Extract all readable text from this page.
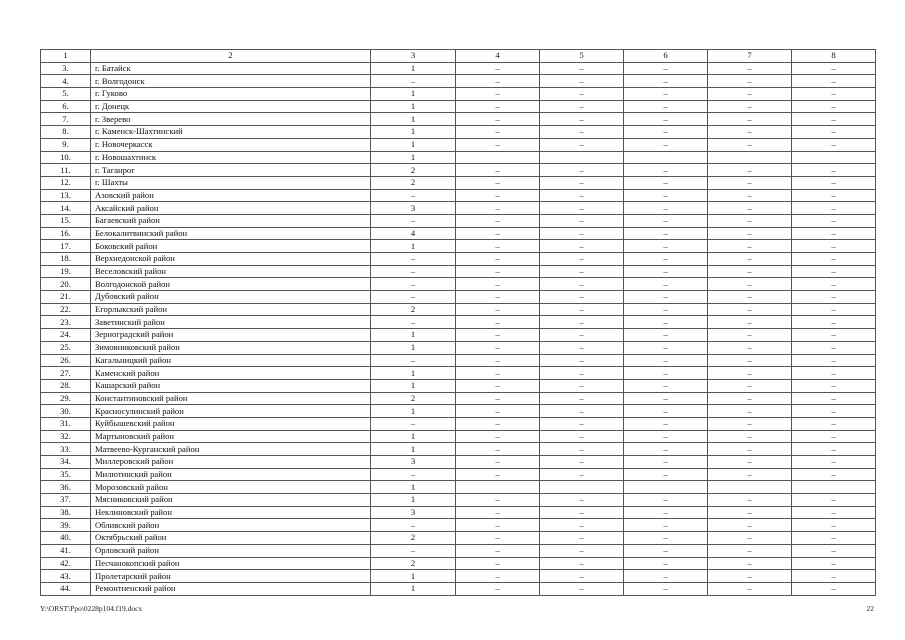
1	2	3	4	5	6	7	8
3.	г. Батайск	1	–	–	–	–	–
4.	г. Волгодонск	–	–	–	–	–	–
5.	г. Гуково	1	–	–	–	–	–
6.	г. Донецк	1	–	–	–	–	–
7.	г. Зверево	1	–	–	–	–	–
8.	г. Каменск-Шахтинский	1	–	–	–	–	–
9.	г. Новочеркасск	1	–	–	–	–	–
10.	г. Новошахтинск	1					
11.	г. Таганрог	2	–	–	–	–	–
12.	г. Шахты	2	–	–	–	–	–
13.	Азовский район	–	–	–	–	–	–
14.	Аксайский район	3	–	–	–	–	–
15.	Багаевский район	–	–	–	–	–	–
16.	Белокалитвинский район	4	–	–	–	–	–
17.	Боковский район	1	–	–	–	–	–
18.	Верхнедонской район	–	–	–	–	–	–
19.	Веселовский район	–	–	–	–	–	–
20.	Волгодонской район	–	–	–	–	–	–
21.	Дубовский район	–	–	–	–	–	–
22.	Егорлыкский район	2	–	–	–	–	–
23.	Заветинский район	–	–	–	–	–	–
24.	Зерноградский район	1	–	–	–	–	–
25.	Зимовниковский район	1	–	–	–	–	–
26.	Кагальницкий район	–	–	–	–	–	–
27.	Каменский район	1	–	–	–	–	–
28.	Кашарский район	1	–	–	–	–	–
29.	Константиновский район	2	–	–	–	–	–
30.	Красносулинский район	1	–	–	–	–	–
31.	Куйбышевский район	–	–	–	–	–	–
32.	Мартыновский район	1	–	–	–	–	–
33.	Матвеево-Курганский район	1	–	–	–	–	–
34.	Миллеровский район	3	–	–	–	–	–
35.	Милютинский район	–	–	–	–	–	–
36.	Морозовский район	1					
37.	Мясниковский район	1	–	–	–	–	–
38.	Неклиновский район	3	–	–	–	–	–
39.	Обливский район	–	–	–	–	–	–
40.	Октябрьский район	2	–	–	–	–	–
41.	Орловский район	–	–	–	–	–	–
42.	Песчанокопский район	2	–	–	–	–	–
43.	Пролетарский район	1	–	–	–	–	–
44.	Ремонтненский район	1	–	–	–	–	–
Y:\ORST\Ppo\0228p104.f19.docx	22
